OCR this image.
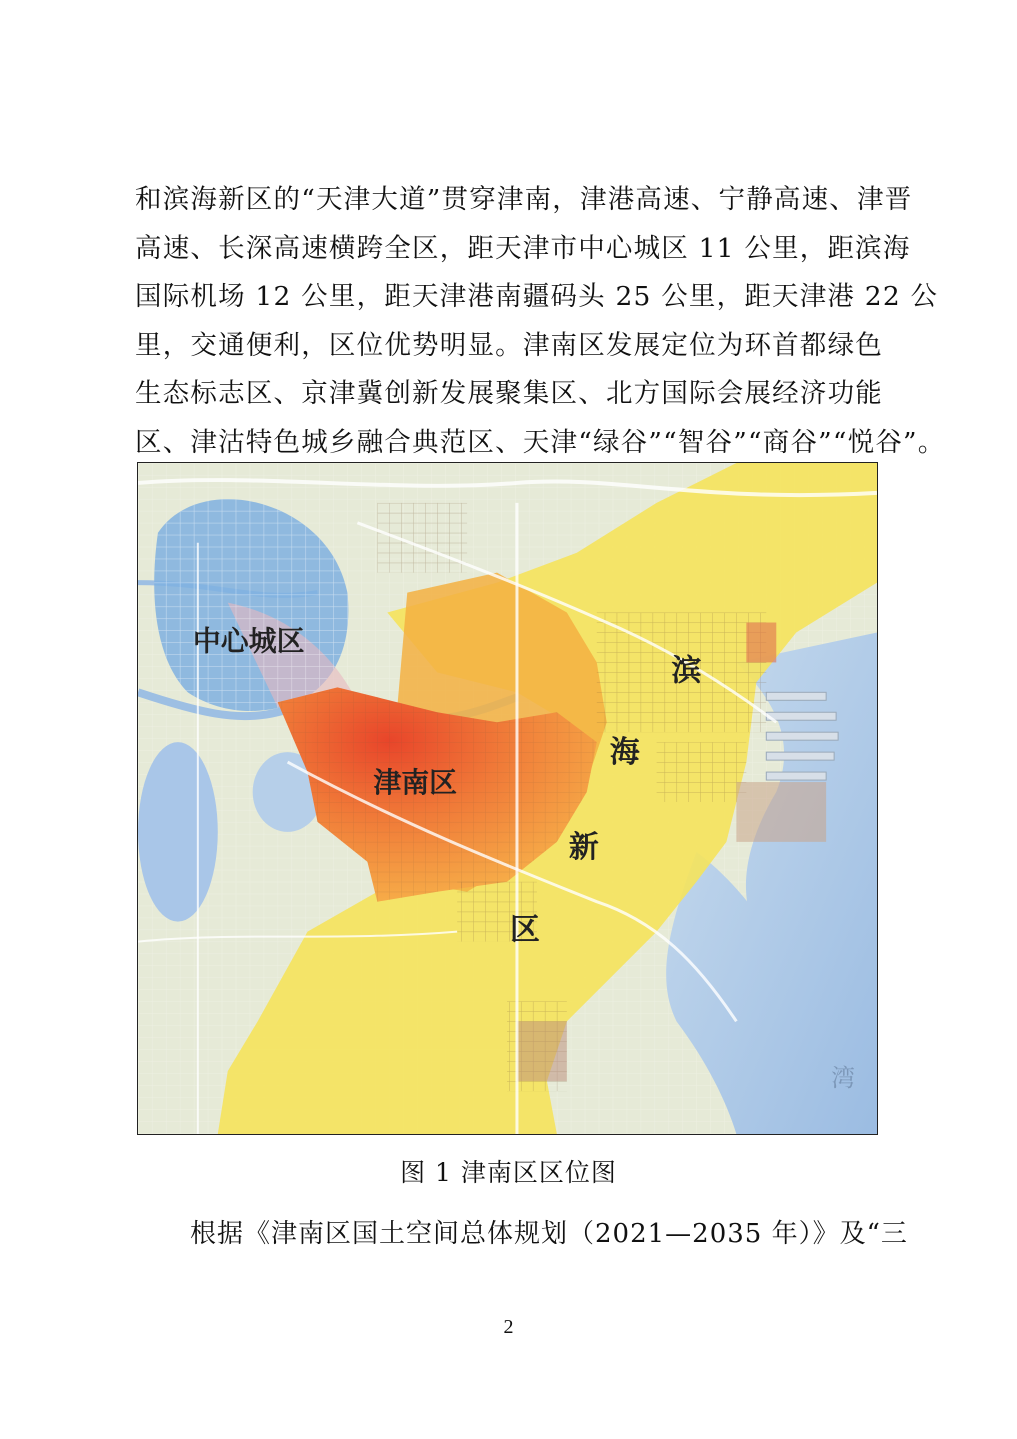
和滨海新区的“天津大道”贯穿津南，津港高速、宁静高速、津晋
高速、长深高速横跨全区，距天津市中心城区 11 公里，距滨海
国际机场 12 公里，距天津港南疆码头 25 公里，距天津港 22 公
里，交通便利，区位优势明显。津南区发展定位为环首都绿色
生态标志区、京津冀创新发展聚集区、北方国际会展经济功能
区、津沽特色城乡融合典范区、天津“绿谷”“智谷”“商谷”“悦谷”。
中心城区
津南区
滨
海
新
区
湾
图 1 津南区区位图
根据《津南区国土空间总体规划（2021—2035 年）》及“三
2
